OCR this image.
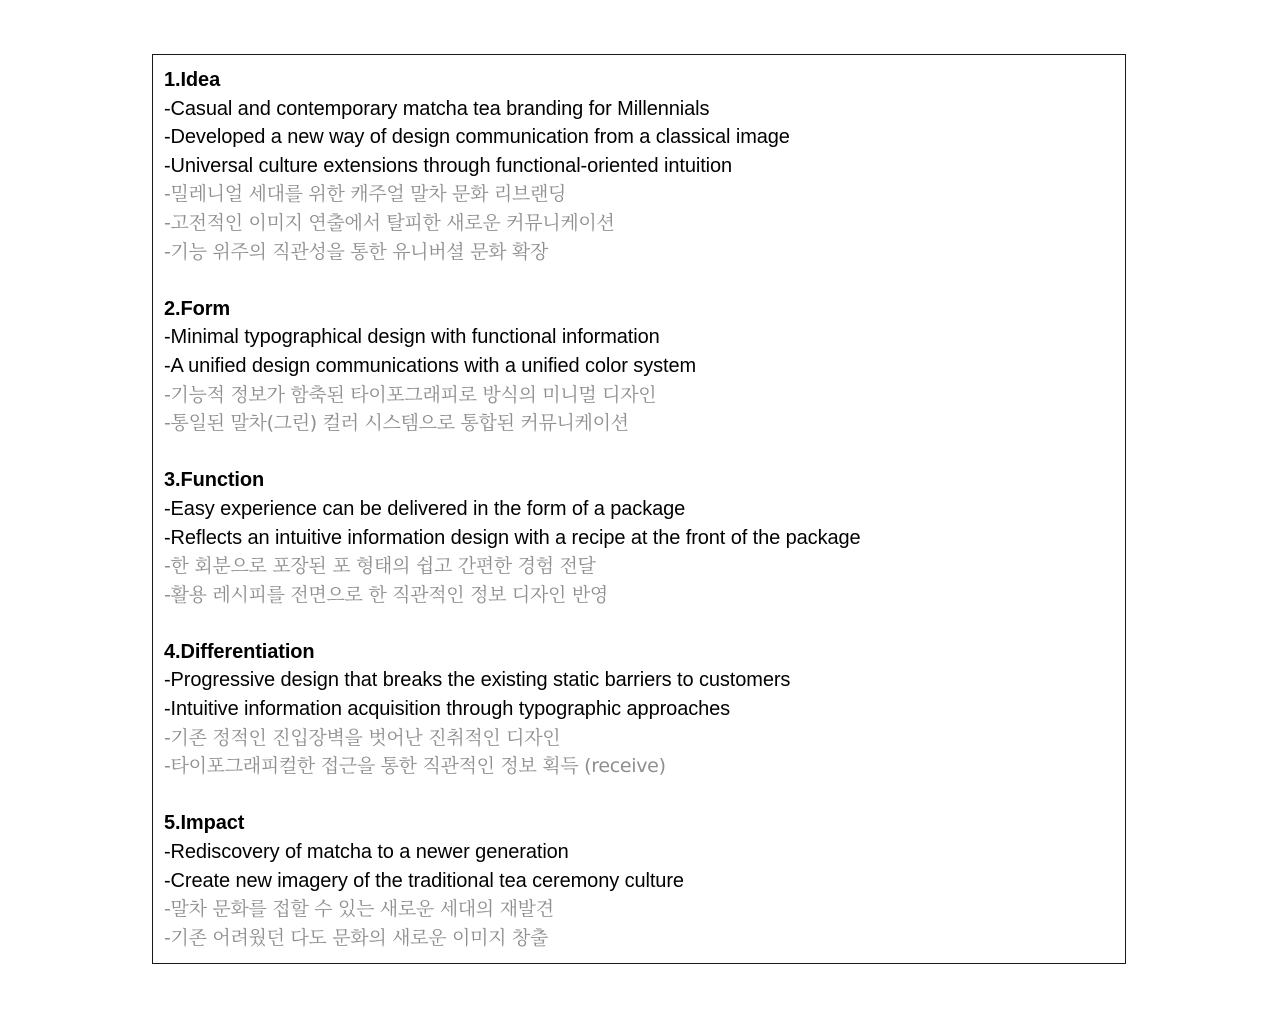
1.Idea
-Casual and contemporary matcha tea branding for Millennials
-Developed a new way of design communication from a classical image
-Universal culture extensions through functional-oriented intuition
-밀레니얼 세대를 위한 캐주얼 말차 문화 리브랜딩
-고전적인 이미지 연출에서 탈피한 새로운 커뮤니케이션
-기능 위주의 직관성을 통한 유니버셜 문화 확장
2.Form
-Minimal typographical design with functional information
-A unified design communications with a unified color system
-기능적 정보가 함축된 타이포그래피로 방식의 미니멀 디자인
-통일된 말차(그린) 컬러 시스템으로 통합된 커뮤니케이션
3.Function
-Easy experience can be delivered in the form of a package
-Reflects an intuitive information design with a recipe at the front of the package
-한 회분으로 포장된 포 형태의 쉽고 간편한 경험 전달
-활용 레시피를 전면으로 한 직관적인 정보 디자인 반영
4.Differentiation
-Progressive design that breaks the existing static barriers to customers
-Intuitive information acquisition through typographic approaches
-기존 정적인 진입장벽을 벗어난 진취적인 디자인
-타이포그래피컬한 접근을 통한 직관적인 정보 획득 (receive)
5.Impact
-Rediscovery of matcha to a newer generation
-Create new imagery of the traditional tea ceremony culture
-말차 문화를 접할 수 있는 새로운 세대의 재발견
-기존 어려웠던 다도 문화의 새로운 이미지 창출
